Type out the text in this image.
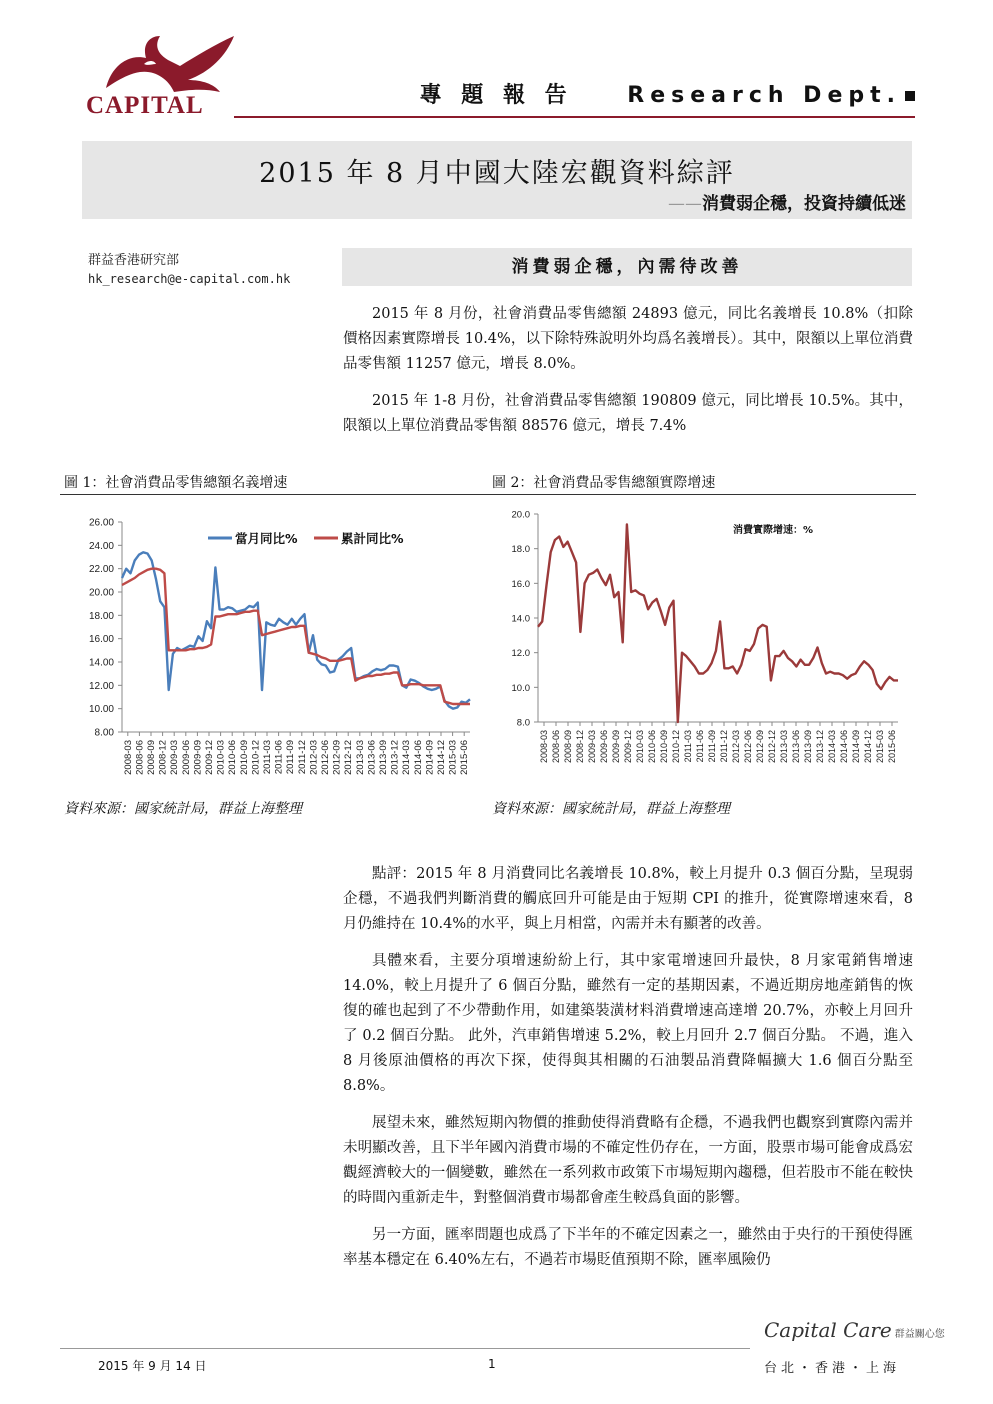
CAPITAL	專 題 報 告 Research Dept.
2015 年 8 月中國大陸宏觀資料綜評
——消費弱企穩，投資持續低迷
群益香港研究部
hk_research@e-capital.com.hk
消費弱企穩，內需待改善
2015 年 8 月份，社會消費品零售總額 24893 億元，同比名義增長 10.8%（扣除價格因素實際增長 10.4%，以下除特殊說明外均爲名義增長）。其中，限額以上單位消費品零售額 11257 億元，增長 8.0%。
2015 年 1-8 月份，社會消費品零售總額 190809 億元，同比增長 10.5%。其中，限額以上單位消費品零售額 88576 億元，增長 7.4%
圖 1：社會消費品零售總額名義增速	圖 2：社會消費品零售總額實際增速
26.00
24.00
22.00
20.00
18.00
16.00
14.00
12.00
10.00
8.00
2008-03 2008-06 2008-09 2008-12 2009-03 2009-06 2009-09 2009-12 2010-03 2010-06 2010-09 2010-12 2011-03 2011-06 2011-09 2011-12 2012-03 2012-06 2012-09 2012-12 2013-03 2013-06 2013-09 2013-12 2014-03 2014-06 2014-09 2014-12 2015-03 2015-06
當月同比%	累計同比%
20.0
18.0
16.0
14.0
12.0
10.0
8.0
2008-03 2008-06 2008-09 2008-12 2009-03 2009-06 2009-09 2009-12 2010-03 2010-06 2010-09 2010-12 2011-03 2011-06 2011-09 2011-12 2012-03 2012-06 2012-09 2012-12 2013-03 2013-06 2013-09 2013-12 2014-03 2014-06 2014-09 2014-12 2015-03 2015-06
消費實際增速：%
資料來源：國家統計局，群益上海整理	資料來源：國家統計局，群益上海整理
點評：2015 年 8 月消費同比名義增長 10.8%，較上月提升 0.3 個百分點，呈現弱企穩，不過我們判斷消費的觸底回升可能是由于短期 CPI 的推升，從實際增速來看，8 月仍維持在 10.4%的水平，與上月相當，內需并未有顯著的改善。
具體來看，主要分項增速紛紛上行，其中家電增速回升最快，8 月家電銷售增速 14.0%，較上月提升了 6 個百分點，雖然有一定的基期因素，不過近期房地產銷售的恢復的確也起到了不少帶動作用，如建築裝潢材料消費增速高達增 20.7%，亦較上月回升了 0.2 個百分點。 此外，汽車銷售增速 5.2%，較上月回升 2.7 個百分點。 不過，進入 8 月後原油價格的再次下探，使得與其相關的石油製品消費降幅擴大 1.6 個百分點至 8.8%。
展望未來，雖然短期內物價的推動使得消費略有企穩，不過我們也觀察到實際內需并未明顯改善，且下半年國內消費市場的不確定性仍存在，一方面，股票市場可能會成爲宏觀經濟較大的一個變數，雖然在一系列救市政策下市場短期內趨穩，但若股市不能在較快的時間內重新走牛，對整個消費市場都會產生較爲負面的影響。
另一方面，匯率問題也成爲了下半年的不確定因素之一，雖然由于央行的干預使得匯率基本穩定在 6.40%左右，不過若市場貶值預期不除，匯率風險仍
2015 年 9 月 14 日	1
Capital Care 群益關心您
台北・香港・上海
